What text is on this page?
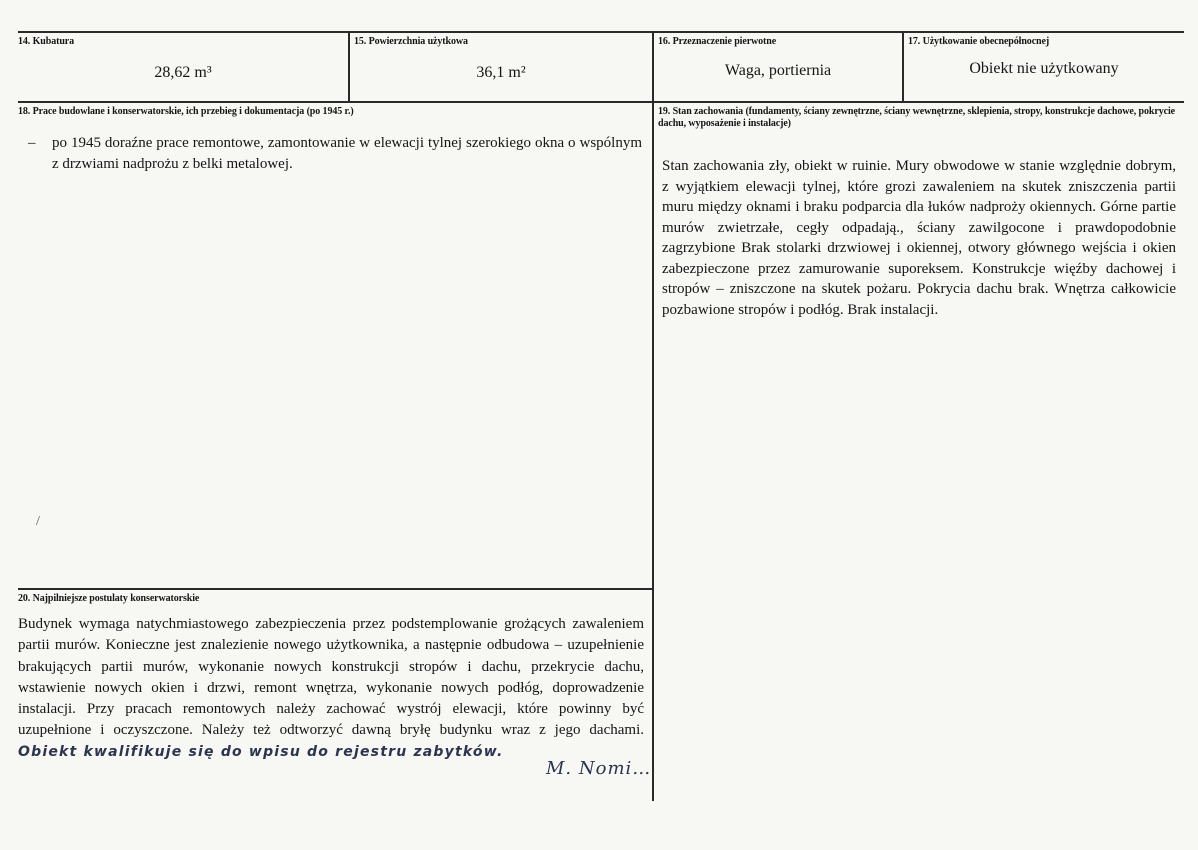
14. Kubatura
28,62 m³
15. Powierzchnia użytkowa
36,1 m²
16. Przeznaczenie pierwotne
Waga, portiernia
17. Użytkowanie obecnepółnocnej
Obiekt nie użytkowany
18. Prace budowlane i konserwatorskie, ich przebieg i dokumentacja (po 1945 r.)
– po 1945 doraźne prace remontowe, zamontowanie w elewacji tylnej szerokiego okna o wspólnym z drzwiami nadprożu z belki metalowej.
/
19. Stan zachowania (fundamenty, ściany zewnętrzne, ściany wewnętrzne, sklepienia, stropy, konstrukcje dachowe, pokrycie dachu, wyposażenie i instalacje)
Stan zachowania zły, obiekt w ruinie. Mury obwodowe w stanie względnie dobrym, z wyjątkiem elewacji tylnej, które grozi zawaleniem na skutek zniszczenia partii muru między oknami i braku podparcia dla łuków nadproży okiennych. Górne partie murów zwietrzałe, cegły odpadają., ściany zawilgocone i prawdopodobnie zagrzybione Brak stolarki drzwiowej i okiennej, otwory głównego wejścia i okien zabezpieczone przez zamurowanie suporeksem. Konstrukcje więźby dachowej i stropów – zniszczone na skutek pożaru. Pokrycia dachu brak. Wnętrza całkowicie pozbawione stropów i podłóg. Brak instalacji.
20. Najpilniejsze postulaty konserwatorskie
Budynek wymaga natychmiastowego zabezpieczenia przez podstemplowanie grożących zawaleniem partii murów. Konieczne jest znalezienie nowego użytkownika, a następnie odbudowa – uzupełnienie brakujących partii murów, wykonanie nowych konstrukcji stropów i dachu, przekrycie dachu, wstawienie nowych okien i drzwi, remont wnętrza, wykonanie nowych podłóg, doprowadzenie instalacji. Przy pracach remontowych należy zachować wystrój elewacji, które powinny być uzupełnione i oczyszczone. Należy też odtworzyć dawną bryłę budynku wraz z jego dachami. Obiekt kwalifikuje się do wpisu do rejestru zabytków.
M. Nomi…
